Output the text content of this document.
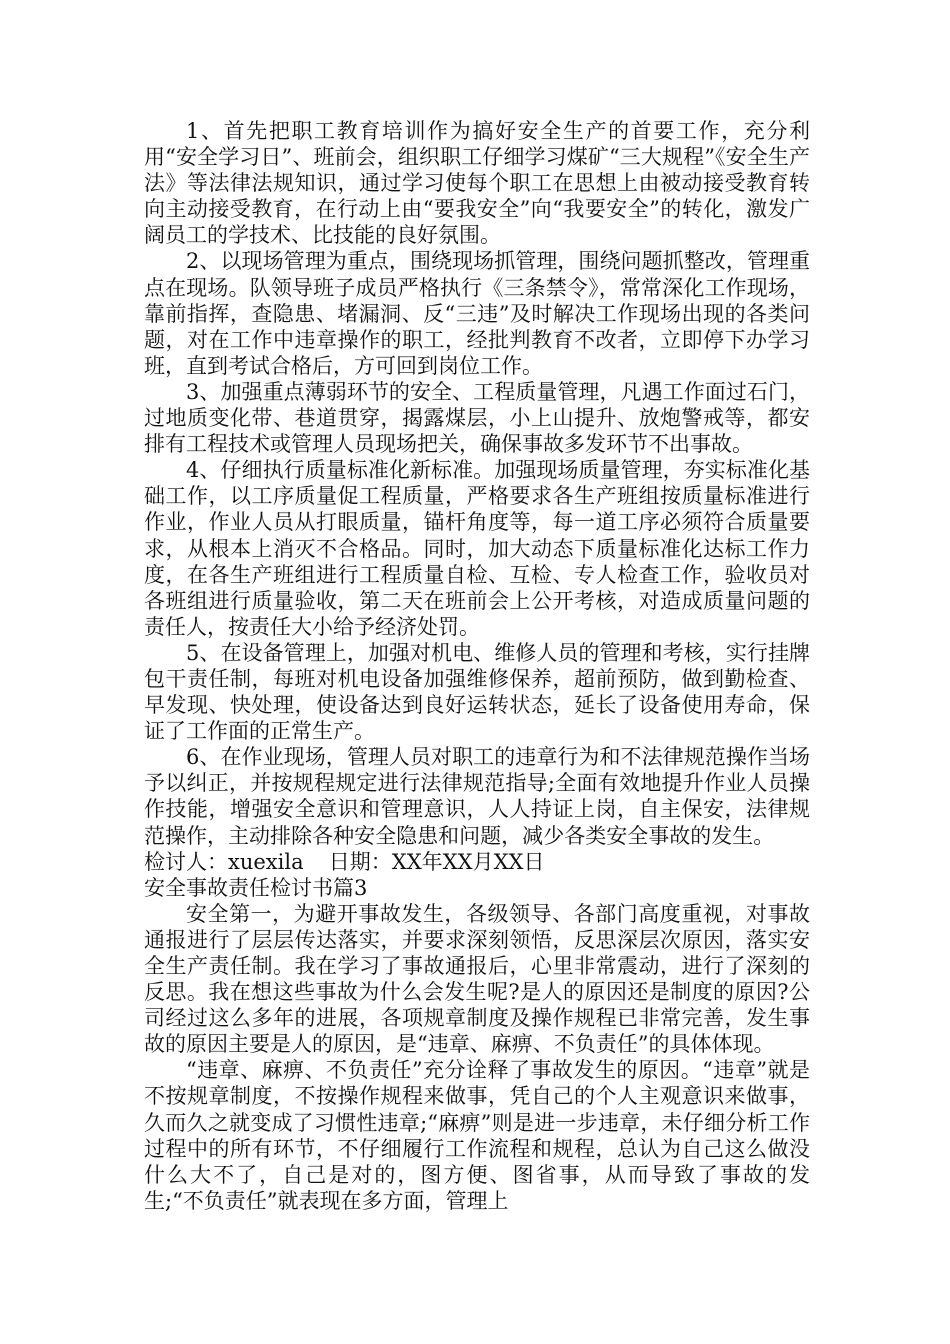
1、首先把职工教育培训作为搞好安全生产的首要工作，充分利用“安全学习日”、班前会，组织职工仔细学习煤矿“三大规程”《安全生产法》等法律法规知识，通过学习使每个职工在思想上由被动接受教育转向主动接受教育，在行动上由“要我安全”向“我要安全”的转化，激发广阔员工的学技术、比技能的良好氛围。

2、以现场管理为重点，围绕现场抓管理，围绕问题抓整改，管理重点在现场。队领导班子成员严格执行《三条禁令》，常常深化工作现场，靠前指挥，查隐患、堵漏洞、反“三违”及时解决工作现场出现的各类问题，对在工作中违章操作的职工，经批判教育不改者，立即停下办学习班，直到考试合格后，方可回到岗位工作。

3、加强重点薄弱环节的安全、工程质量管理，凡遇工作面过石门，过地质变化带、巷道贯穿，揭露煤层，小上山提升、放炮警戒等，都安排有工程技术或管理人员现场把关，确保事故多发环节不出事故。

4、仔细执行质量标准化新标准。加强现场质量管理，夯实标准化基础工作，以工序质量促工程质量，严格要求各生产班组按质量标准进行作业，作业人员从打眼质量，锚杆角度等，每一道工序必须符合质量要求，从根本上消灭不合格品。同时，加大动态下质量标准化达标工作力度，在各生产班组进行工程质量自检、互检、专人检查工作，验收员对各班组进行质量验收，第二天在班前会上公开考核，对造成质量问题的责任人，按责任大小给予经济处罚。

5、在设备管理上，加强对机电、维修人员的管理和考核，实行挂牌包干责任制，每班对机电设备加强维修保养，超前预防，做到勤检查、早发现、快处理，使设备达到良好运转状态，延长了设备使用寿命，保证了工作面的正常生产。

6、在作业现场，管理人员对职工的违章行为和不法律规范操作当场予以纠正，并按规程规定进行法律规范指导;全面有效地提升作业人员操作技能，增强安全意识和管理意识，人人持证上岗，自主保安，法律规范操作，主动排除各种安全隐患和问题，减少各类安全事故的发生。检讨人：xuexila 日期：XX年XX月XX日

安全事故责任检讨书篇3

安全第一，为避开事故发生，各级领导、各部门高度重视，对事故通报进行了层层传达落实，并要求深刻领悟，反思深层次原因，落实安全生产责任制。我在学习了事故通报后，心里非常震动，进行了深刻的反思。我在想这些事故为什么会发生呢?是人的原因还是制度的原因?公司经过这么多年的进展，各项规章制度及操作规程已非常完善，发生事故的原因主要是人的原因，是“违章、麻痹、不负责任”的具体体现。

“违章、麻痹、不负责任”充分诠释了事故发生的原因。“违章”就是不按规章制度，不按操作规程来做事，凭自己的个人主观意识来做事，久而久之就变成了习惯性违章;“麻痹”则是进一步违章，未仔细分析工作过程中的所有环节，不仔细履行工作流程和规程，总认为自己这么做没什么大不了，自己是对的，图方便、图省事，从而导致了事故的发生;“不负责任”就表现在多方面，管理上
